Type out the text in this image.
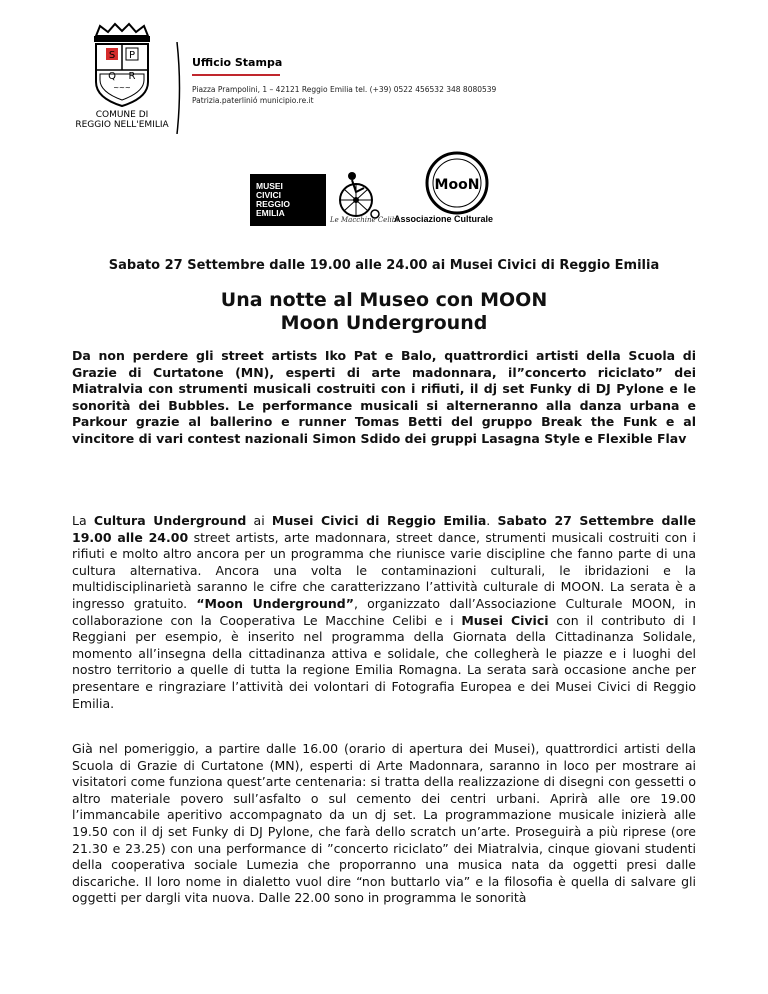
~~~
S P
Q R
COMUNE DI
REGGIO NELL'EMILIA
Ufficio Stampa
Piazza Prampolini, 1 – 42121 Reggio Emilia tel. (+39) 0522 456532 348 8080539
Patrizia.paterlinió municipio.re.it
MUSEI
CIVICI
REGGIO
EMILIA
Le Macchine Celibi
MooN
Associazione Culturale
Sabato 27 Settembre dalle 19.00 alle 24.00 ai Musei Civici di Reggio Emilia
Una notte al Museo con MOON
Moon Underground
Da non perdere gli street artists Iko Pat e Balo, quattrordici artisti della Scuola di Grazie di Curtatone (MN), esperti di arte madonnara, il”concerto riciclato” dei Miatralvia con strumenti musicali costruiti con i rifiuti, il dj set Funky di DJ Pylone e le sonorità dei Bubbles. Le performance musicali si alterneranno alla danza urbana e Parkour grazie al ballerino e runner Tomas Betti del gruppo Break the Funk e al vincitore di vari contest nazionali Simon Sdido dei gruppi Lasagna Style e Flexible Flav
La Cultura Underground ai Musei Civici di Reggio Emilia. Sabato 27 Settembre dalle 19.00 alle 24.00 street artists, arte madonnara, street dance, strumenti musicali costruiti con i rifiuti e molto altro ancora per un programma che riunisce varie discipline che fanno parte di una cultura alternativa. Ancora una volta le contaminazioni culturali, le ibridazioni e la multidisciplinarietà saranno le cifre che caratterizzano l’attività culturale di MOON. La serata è a ingresso gratuito. “Moon Underground”, organizzato dall’Associazione Culturale MOON, in collaborazione con la Cooperativa Le Macchine Celibi e i Musei Civici con il contributo di I Reggiani per esempio, è inserito nel programma della Giornata della Cittadinanza Solidale, momento all’insegna della cittadinanza attiva e solidale, che collegherà le piazze e i luoghi del nostro territorio a quelle di tutta la regione Emilia Romagna. La serata sarà occasione anche per presentare e ringraziare l’attività dei volontari di Fotografia Europea e dei Musei Civici di Reggio Emilia.
Già nel pomeriggio, a partire dalle 16.00 (orario di apertura dei Musei), quattrordici artisti della Scuola di Grazie di Curtatone (MN), esperti di Arte Madonnara, saranno in loco per mostrare ai visitatori come funziona quest’arte centenaria: si tratta della realizzazione di disegni con gessetti o altro materiale povero sull’asfalto o sul cemento dei centri urbani. Aprirà alle ore 19.00 l’immancabile aperitivo accompagnato da un dj set. La programmazione musicale inizierà alle 19.50 con il dj set Funky di DJ Pylone, che farà dello scratch un’arte. Proseguirà a più riprese (ore 21.30 e 23.25) con una performance di ”concerto riciclato” dei Miatralvia, cinque giovani studenti della cooperativa sociale Lumezia che proporranno una musica nata da oggetti presi dalle discariche. Il loro nome in dialetto vuol dire “non buttarlo via” e la filosofia è quella di salvare gli oggetti per dargli vita nuova. Dalle 22.00 sono in programma le sonorità
